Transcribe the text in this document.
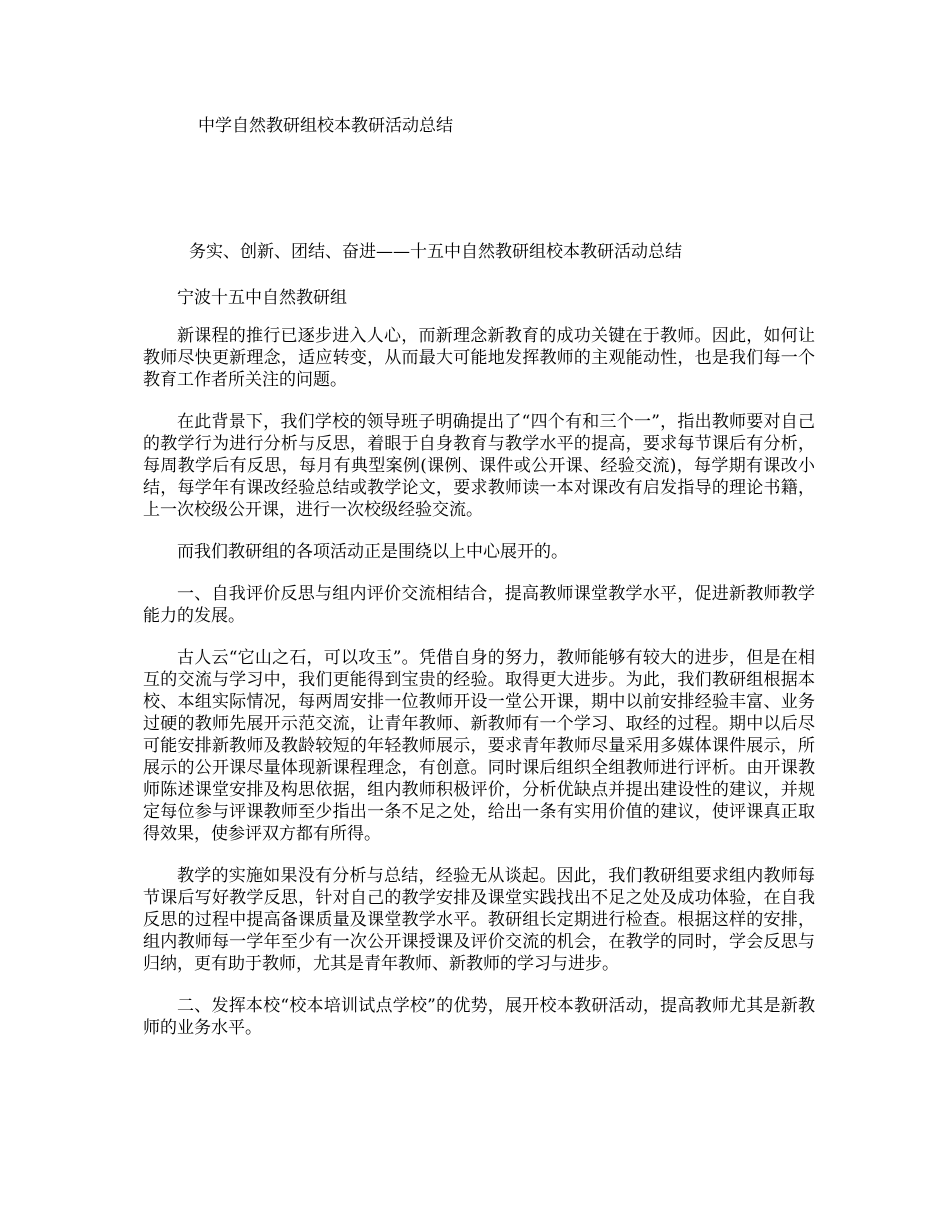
中学自然教研组校本教研活动总结

务实、创新、团结、奋进——十五中自然教研组校本教研活动总结

宁波十五中自然教研组

新课程的推行已逐步进入人心，而新理念新教育的成功关键在于教师。因此，如何让教师尽快更新理念，适应转变，从而最大可能地发挥教师的主观能动性，也是我们每一个教育工作者所关注的问题。

在此背景下，我们学校的领导班子明确提出了“四个有和三个一”，指出教师要对自己的教学行为进行分析与反思，着眼于自身教育与教学水平的提高，要求每节课后有分析，每周教学后有反思，每月有典型案例(课例、课件或公开课、经验交流)，每学期有课改小结，每学年有课改经验总结或教学论文，要求教师读一本对课改有启发指导的理论书籍，上一次校级公开课，进行一次校级经验交流。

而我们教研组的各项活动正是围绕以上中心展开的。

一、自我评价反思与组内评价交流相结合，提高教师课堂教学水平，促进新教师教学能力的发展。

古人云“它山之石，可以攻玉”。凭借自身的努力，教师能够有较大的进步，但是在相互的交流与学习中，我们更能得到宝贵的经验。取得更大进步。为此，我们教研组根据本校、本组实际情况，每两周安排一位教师开设一堂公开课，期中以前安排经验丰富、业务过硬的教师先展开示范交流，让青年教师、新教师有一个学习、取经的过程。期中以后尽可能安排新教师及教龄较短的年轻教师展示，要求青年教师尽量采用多媒体课件展示，所展示的公开课尽量体现新课程理念，有创意。同时课后组织全组教师进行评析。由开课教师陈述课堂安排及构思依据，组内教师积极评价，分析优缺点并提出建设性的建议，并规定每位参与评课教师至少指出一条不足之处，给出一条有实用价值的建议，使评课真正取得效果，使参评双方都有所得。

教学的实施如果没有分析与总结，经验无从谈起。因此，我们教研组要求组内教师每节课后写好教学反思，针对自己的教学安排及课堂实践找出不足之处及成功体验，在自我反思的过程中提高备课质量及课堂教学水平。教研组长定期进行检查。根据这样的安排，组内教师每一学年至少有一次公开课授课及评价交流的机会，在教学的同时，学会反思与归纳，更有助于教师，尤其是青年教师、新教师的学习与进步。

二、发挥本校“校本培训试点学校”的优势，展开校本教研活动，提高教师尤其是新教师的业务水平。
